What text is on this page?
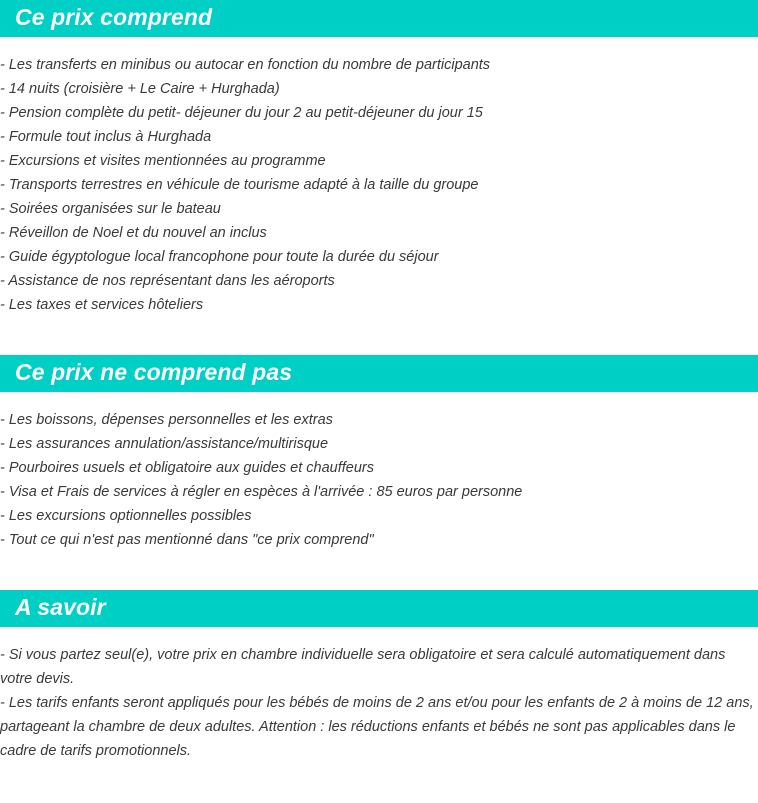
Ce prix comprend
- Les transferts en minibus ou autocar en fonction du nombre de participants
- 14 nuits (croisière + Le Caire + Hurghada)
- Pension complète du petit- déjeuner du jour 2 au petit-déjeuner du jour 15
- Formule tout inclus à Hurghada
- Excursions et visites mentionnées au programme
- Transports terrestres en véhicule de tourisme adapté à la taille du groupe
- Soirées organisées sur le bateau
- Réveillon de Noel et du nouvel an inclus
- Guide égyptologue local francophone pour toute la durée du séjour
- Assistance de nos représentant dans les aéroports
- Les taxes et services hôteliers
Ce prix ne comprend pas
- Les boissons, dépenses personnelles et les extras
- Les assurances annulation/assistance/multirisque
- Pourboires usuels et obligatoire aux guides et chauffeurs
- Visa et Frais de services à régler en espèces à l'arrivée : 85 euros par personne
- Les excursions optionnelles possibles
- Tout ce qui n'est pas mentionné dans "ce prix comprend"
A savoir

- Si vous partez seul(e), votre prix en chambre individuelle sera obligatoire et sera calculé automatiquement dans votre devis.

- Les tarifs enfants seront appliqués pour les bébés de moins de 2 ans et/ou pour les enfants de 2 à moins de 12 ans, partageant la chambre de deux adultes. Attention : les réductions enfants et bébés ne sont pas applicables dans le cadre de tarifs promotionnels.
